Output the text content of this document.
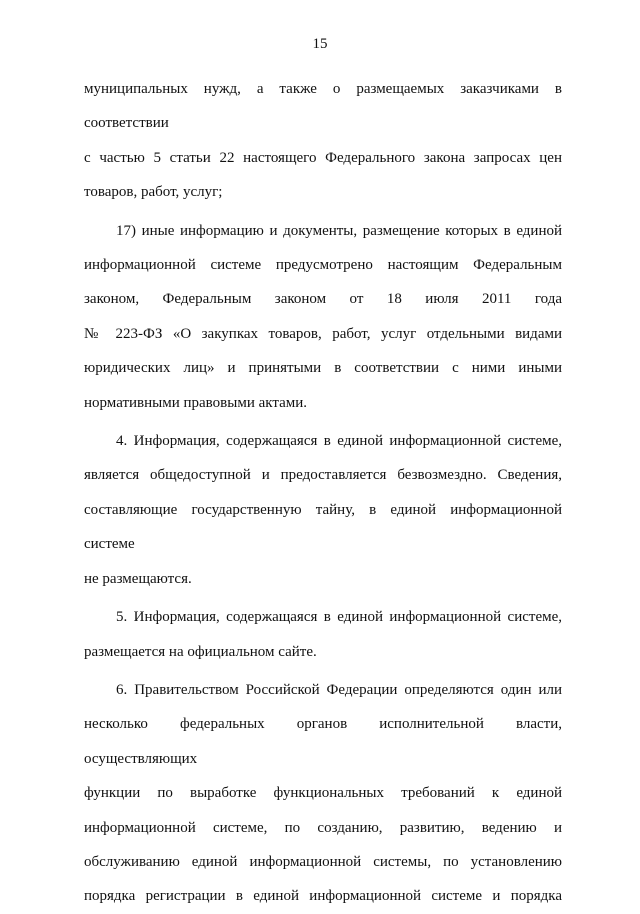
15
муниципальных нужд, а также о размещаемых заказчиками в соответствии
с частью 5 статьи 22 настоящего Федерального закона запросах цен
товаров, работ, услуг;
17) иные информацию и документы, размещение которых в единой
информационной системе предусмотрено настоящим Федеральным
законом, Федеральным законом от 18 июля 2011 года
№ 223-ФЗ «О закупках товаров, работ, услуг отдельными видами
юридических лиц» и принятыми в соответствии с ними иными
нормативными правовыми актами.
4. Информация, содержащаяся в единой информационной системе,
является общедоступной и предоставляется безвозмездно. Сведения,
составляющие государственную тайну, в единой информационной системе
не размещаются.
5. Информация, содержащаяся в единой информационной системе,
размещается на официальном сайте.
6. Правительством Российской Федерации определяются один или
несколько федеральных органов исполнительной власти, осуществляющих
функции по выработке функциональных требований к единой
информационной системе, по созданию, развитию, ведению и
обслуживанию единой информационной системы, по установлению
порядка регистрации в единой информационной системе и порядка
